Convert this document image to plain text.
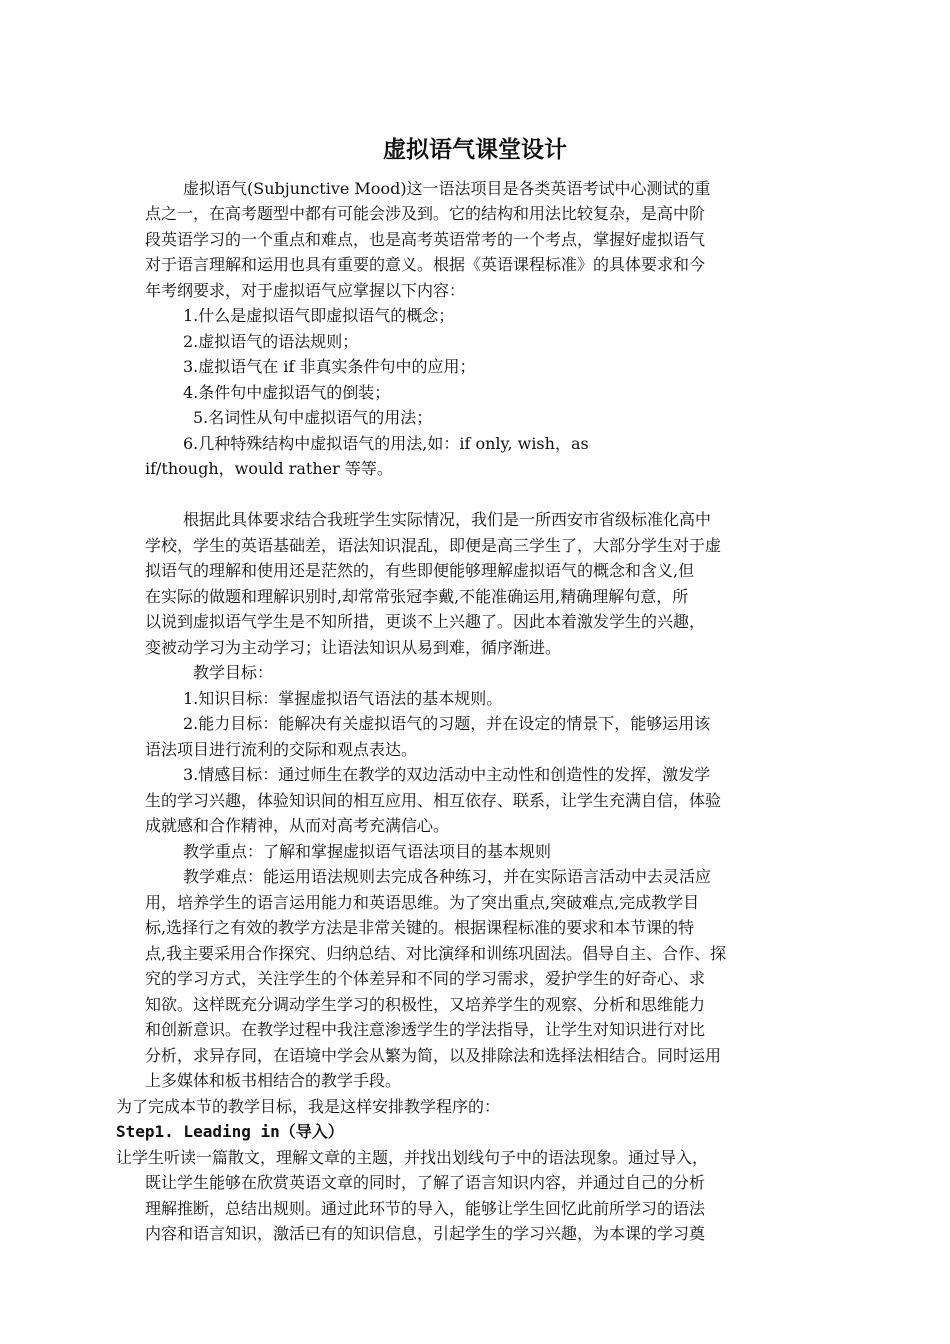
虚拟语气课堂设计
虚拟语气(Subjunctive Mood)这一语法项目是各类英语考试中心测试的重
点之一，在高考题型中都有可能会涉及到。它的结构和用法比较复杂，是高中阶
段英语学习的一个重点和难点，也是高考英语常考的一个考点，掌握好虚拟语气
对于语言理解和运用也具有重要的意义。根据《英语课程标准》的具体要求和今
年考纲要求，对于虚拟语气应掌握以下内容：
1.什么是虚拟语气即虚拟语气的概念；
2.虚拟语气的语法规则；
3.虚拟语气在 if 非真实条件句中的应用；
4.条件句中虚拟语气的倒装；
5.名词性从句中虚拟语气的用法；
6.几种特殊结构中虚拟语气的用法,如：if only, wish，as
if/though，would rather 等等。
根据此具体要求结合我班学生实际情况，我们是一所西安市省级标准化高中
学校，学生的英语基础差，语法知识混乱，即便是高三学生了，大部分学生对于虚
拟语气的理解和使用还是茫然的，有些即便能够理解虚拟语气的概念和含义,但
在实际的做题和理解识别时,却常常张冠李戴,不能准确运用,精确理解句意，所
以说到虚拟语气学生是不知所措，更谈不上兴趣了。因此本着激发学生的兴趣，
变被动学习为主动学习；让语法知识从易到难，循序渐进。
教学目标：
1.知识目标：掌握虚拟语气语法的基本规则。
2.能力目标：能解决有关虚拟语气的习题，并在设定的情景下，能够运用该
语法项目进行流利的交际和观点表达。
3.情感目标：通过师生在教学的双边活动中主动性和创造性的发挥，激发学
生的学习兴趣，体验知识间的相互应用、相互依存、联系，让学生充满自信，体验
成就感和合作精神，从而对高考充满信心。
教学重点：了解和掌握虚拟语气语法项目的基本规则
教学难点：能运用语法规则去完成各种练习，并在实际语言活动中去灵活应
用，培养学生的语言运用能力和英语思维。为了突出重点,突破难点,完成教学目
标,选择行之有效的教学方法是非常关键的。根据课程标准的要求和本节课的特
点,我主要采用合作探究、归纳总结、对比演绎和训练巩固法。倡导自主、合作、探
究的学习方式，关注学生的个体差异和不同的学习需求，爱护学生的好奇心、求
知欲。这样既充分调动学生学习的积极性，又培养学生的观察、分析和思维能力
和创新意识。在教学过程中我注意渗透学生的学法指导，让学生对知识进行对比
分析，求异存同，在语境中学会从繁为简，以及排除法和选择法相结合。同时运用
上多媒体和板书相结合的教学手段。
为了完成本节的教学目标，我是这样安排教学程序的：
Step1. Leading in（导入）
让学生听读一篇散文，理解文章的主题，并找出划线句子中的语法现象。通过导入，
既让学生能够在欣赏英语文章的同时，了解了语言知识内容，并通过自己的分析
理解推断，总结出规则。通过此环节的导入，能够让学生回忆此前所学习的语法
内容和语言知识，激活已有的知识信息，引起学生的学习兴趣，为本课的学习奠
